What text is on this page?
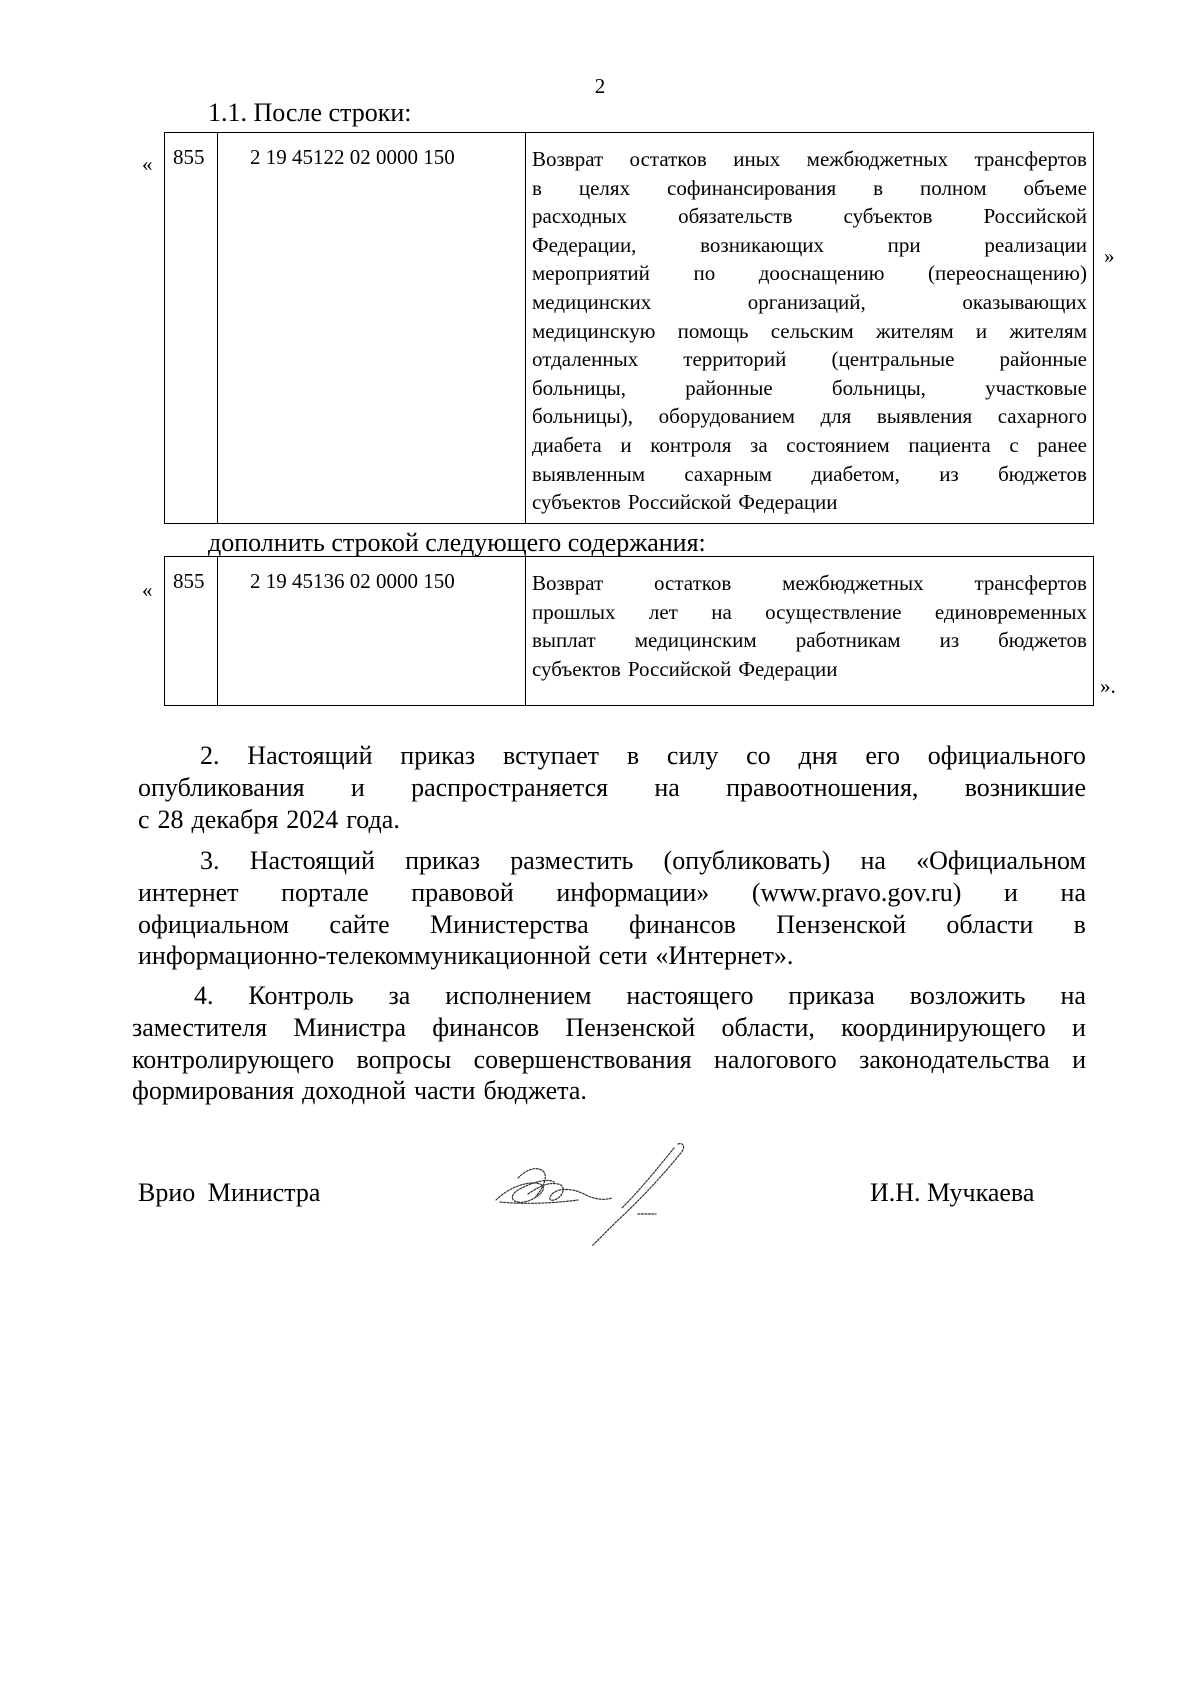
2
1.1. После строки:
« 855	2 19 45122 02 0000 150	Возврат остатков иных межбюджетных трансфертов
в целях софинансирования в полном объеме
расходных обязательств субъектов Российской
Федерации,	возникающих	при	реализации
мероприятий по дооснащению (переоснащению)
медицинских	организаций,	оказывающих
медицинскую помощь сельским жителям и жителям
отдаленных территорий (центральные районные
больницы,	районные	больницы,	участковые
больницы), оборудованием для выявления сахарного
диабета и контроля за состоянием пациента с ранее
выявленным сахарным диабетом, из бюджетов
субъектов Российской Федерации
»
дополнить строкой следующего содержания:
« 855	2 19 45136 02 0000 150	Возврат остатков межбюджетных трансфертов
прошлых лет на осуществление единовременных
выплат медицинским работникам из бюджетов
субъектов Российской Федерации
».
2. Настоящий приказ вступает в силу со дня его официального
опубликования и распространяется на правоотношения, возникшие
с 28 декабря 2024 года.
3. Настоящий приказ разместить (опубликовать) на «Официальном
интернет портале правовой информации» (www.pravo.gov.ru) и на
официальном сайте Министерства финансов Пензенской области в
информационно-телекоммуникационной сети «Интернет».
4. Контроль за исполнением настоящего приказа возложить на
заместителя Министра финансов Пензенской области, координирующего и
контролирующего вопросы совершенствования налогового законодательства и
формирования доходной части бюджета.
Врио Министра	И.Н. Мучкаева
